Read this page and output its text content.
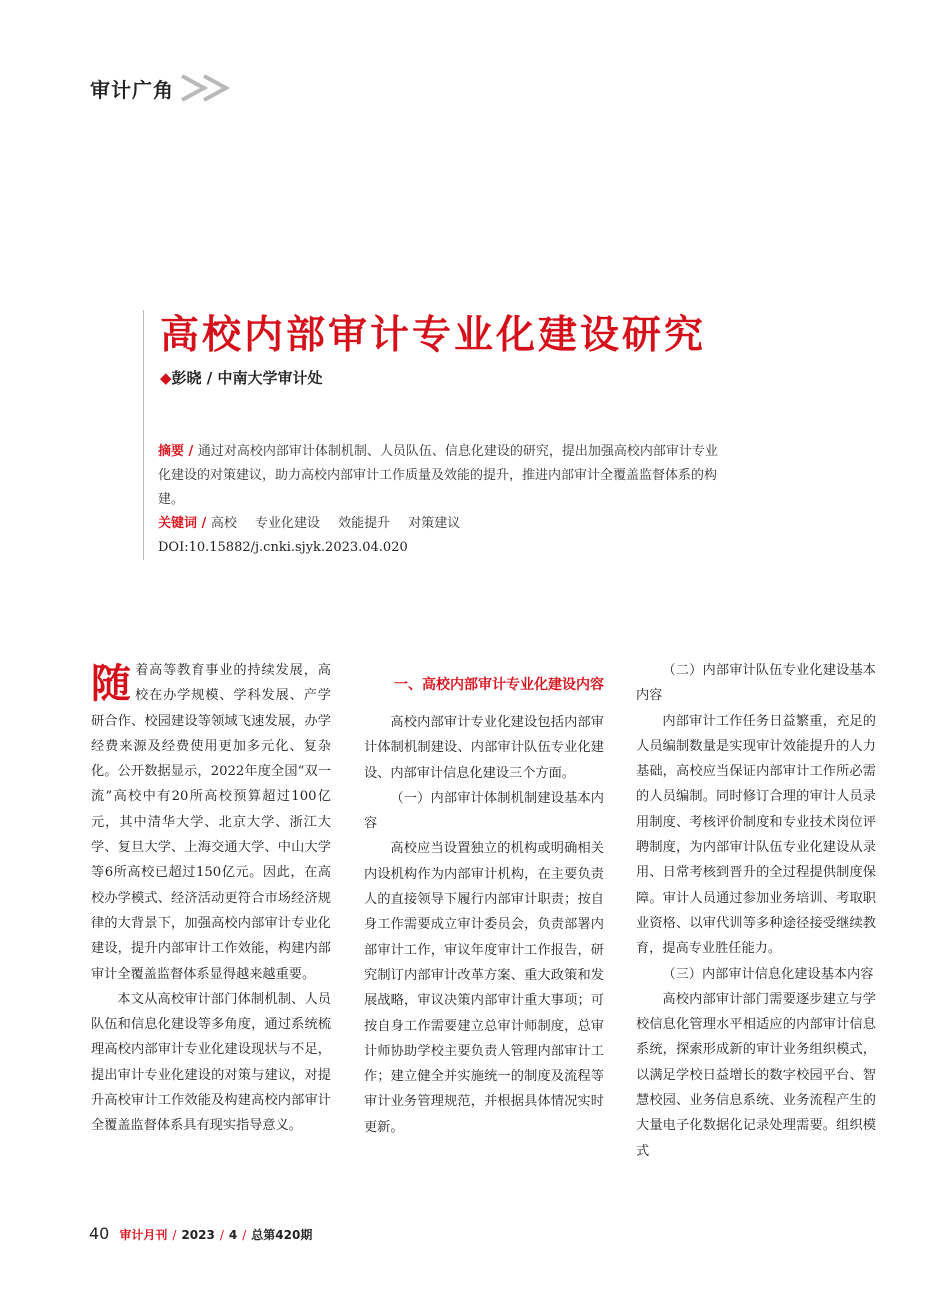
审计广角
高校内部审计专业化建设研究
◆彭晓 / 中南大学审计处

摘要 / 通过对高校内部审计体制机制、人员队伍、信息化建设的研究，提出加强高校内部审计专业化建设的对策建议，助力高校内部审计工作质量及效能的提升，推进内部审计全覆盖监督体系的构建。

关键词 / 高校 专业化建设 效能提升 对策建议

DOI:10.15882/j.cnki.sjyk.2023.04.020

随着高等教育事业的持续发展，高校在办学规模、学科发展、产学研合作、校园建设等领域飞速发展，办学经费来源及经费使用更加多元化、复杂化。公开数据显示，2022年度全国“双一流”高校中有20所高校预算超过100亿元，其中清华大学、北京大学、浙江大学、复旦大学、上海交通大学、中山大学等6所高校已超过150亿元。因此，在高校办学模式、经济活动更符合市场经济规律的大背景下，加强高校内部审计专业化建设，提升内部审计工作效能，构建内部审计全覆盖监督体系显得越来越重要。

本文从高校审计部门体制机制、人员队伍和信息化建设等多角度，通过系统梳理高校内部审计专业化建设现状与不足，提出审计专业化建设的对策与建议，对提升高校审计工作效能及构建高校内部审计全覆盖监督体系具有现实指导意义。

一、高校内部审计专业化建设内容

高校内部审计专业化建设包括内部审计体制机制建设、内部审计队伍专业化建设、内部审计信息化建设三个方面。

（一）内部审计体制机制建设基本内容

高校应当设置独立的机构或明确相关内设机构作为内部审计机构，在主要负责人的直接领导下履行内部审计职责；按自身工作需要成立审计委员会，负责部署内部审计工作，审议年度审计工作报告，研究制订内部审计改革方案、重大政策和发展战略，审议决策内部审计重大事项；可按自身工作需要建立总审计师制度，总审计师协助学校主要负责人管理内部审计工作；建立健全并实施统一的制度及流程等审计业务管理规范，并根据具体情况实时更新。

（二）内部审计队伍专业化建设基本内容

内部审计工作任务日益繁重，充足的人员编制数量是实现审计效能提升的人力基础，高校应当保证内部审计工作所必需的人员编制。同时修订合理的审计人员录用制度、考核评价制度和专业技术岗位评聘制度，为内部审计队伍专业化建设从录用、日常考核到晋升的全过程提供制度保障。审计人员通过参加业务培训、考取职业资格、以审代训等多种途径接受继续教育，提高专业胜任能力。

（三）内部审计信息化建设基本内容

高校内部审计部门需要逐步建立与学校信息化管理水平相适应的内部审计信息系统，探索形成新的审计业务组织模式，以满足学校日益增长的数字校园平台、智慧校园、业务信息系统、业务流程产生的大量电子化数据化记录处理需要。组织模式

40 审计月刊 / 2023 / 4 / 总第420期
